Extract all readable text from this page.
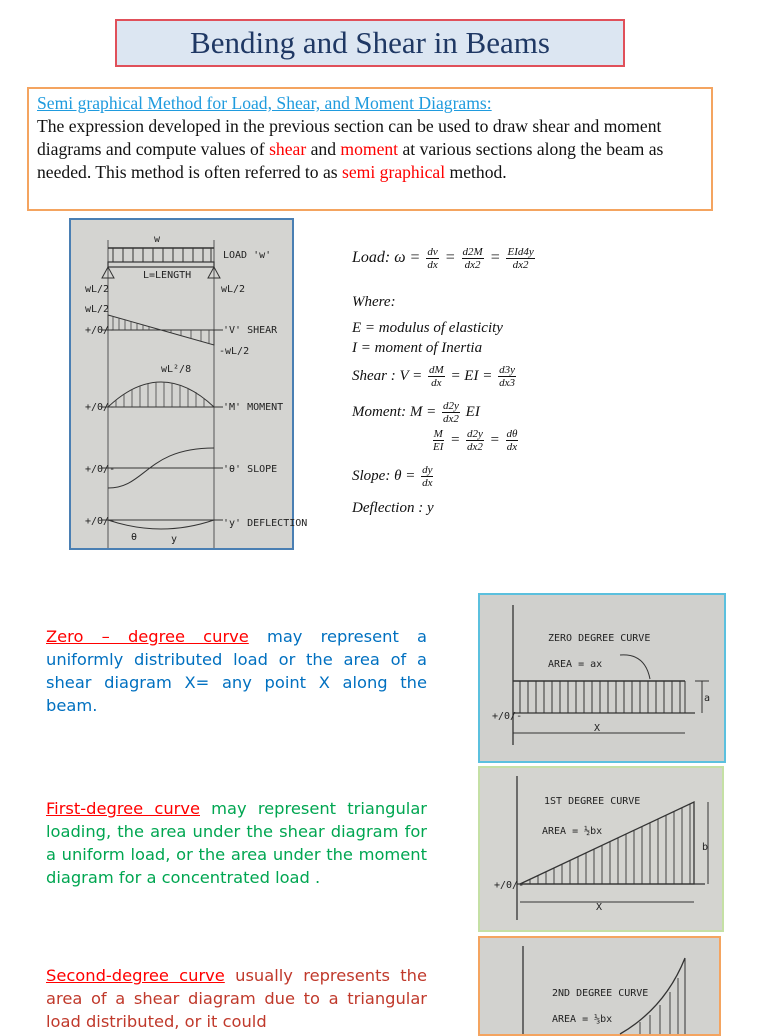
Bending and Shear in Beams
Semi graphical Method for Load, Shear, and Moment Diagrams:
The expression developed in the previous section can be used to draw shear and moment diagrams and compute values of shear and moment at various sections along the beam as needed. This method is often referred to as semi graphical method.
w
LOAD 'w'
L=LENGTH
wL/2	wL/2
wL/2
+/0/-
-wL/2
'V' SHEAR
wL²/8
+/0/-	'M' MOMENT
+/0/-	'θ' SLOPE
θ	y
+/0/-	'y' DEFLECTION
Load: $\omega = \frac{dv}{dx} = \frac{d2M}{dx2} = \frac{\text{EId4y}}{dx2}$
Where:
E = modulus of elasticity
I = moment of Inertia
Shear : $V = \frac{dM}{dx}$ = EI = $\frac{d3y}{dx3}$
Moment: $M = \frac{d2y}{dx2}$ EI
$\frac{M}{EI} = \frac{d2y}{dx2} = \frac{d\theta}{dx}$
Slope: $\theta = \frac{dy}{dx}$
Deflection : y
Zero – degree curve may represent a uniformly distributed load or the area of a shear diagram X= any point X along the beam.
First-degree curve may represent triangular loading, the area under the shear diagram for a uniform load, or the area under the moment diagram for a concentrated load .
Second-degree curve usually represents the area of a shear diagram due to a triangular load distributed, or it could
a
X
ZERO DEGREE CURVE
AREA = ax
+/0/-
b
X
1ST DEGREE CURVE
AREA = ½bx
+/0/-
2ND DEGREE CURVE
AREA = ⅓bx
